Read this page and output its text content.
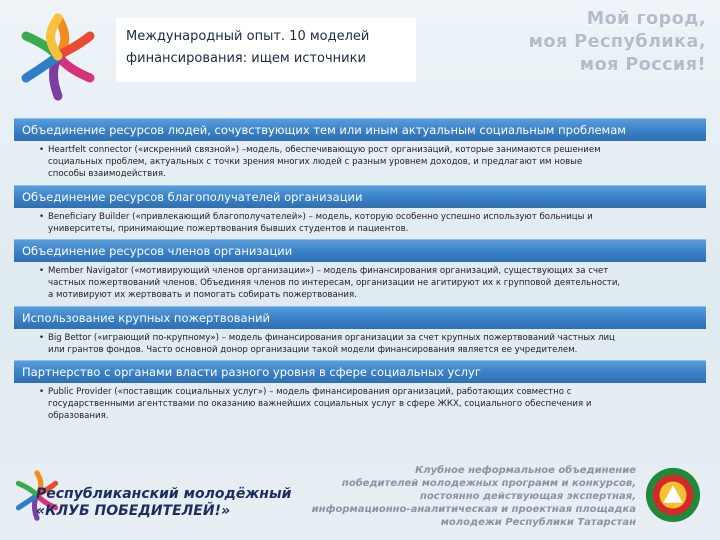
Международный опыт. 10 моделей
финансирования: ищем источники
Мой город,
моя Республика,
моя Россия!
Объединение ресурсов людей, сочувствующих тем или иным актуальным социальным проблемам
• Heartfelt connector («искренний связной») –модель, обеспечивающую рост организаций, которые занимаются решением
социальных проблем, актуальных с точки зрения многих людей с разным уровнем доходов, и предлагают им новые
способы взаимодействия.
Объединение ресурсов благополучателей организации
• Beneficiary Builder («привлекающий благополучателей») – модель, которую особенно успешно используют больницы и
университеты, принимающие пожертвования бывших студентов и пациентов.
Объединение ресурсов членов организации
• Member Navigator («мотивирующий членов организации») – модель финансирования организаций, существующих за счет
частных пожертвований членов. Объединяя членов по интересам, организации не агитируют их к групповой деятельности,
а мотивируют их жертвовать и помогать собирать пожертвования.
Использование крупных пожертвований
• Big Bettor («играющий по-крупному») – модель финансирования организации за счет крупных пожертвований частных лиц
или грантов фондов. Часто основной донор организации такой модели финансирования является ее учредителем.
Партнерство с органами власти разного уровня в сфере социальных услуг
• Public Provider («поставщик социальных услуг») – модель финансирования организаций, работающих совместно с
государственными агентствами по оказанию важнейших социальных услуг в сфере ЖКХ, социального обеспечения и
образования.
Республиканский молодёжный
«КЛУБ ПОБЕДИТЕЛЕЙ!»
Клубное неформальное объединение
победителей молодежных программ и конкурсов,
постоянно действующая экспертная,
информационно-аналитическая и проектная площадка
молодежи Республики Татарстан
